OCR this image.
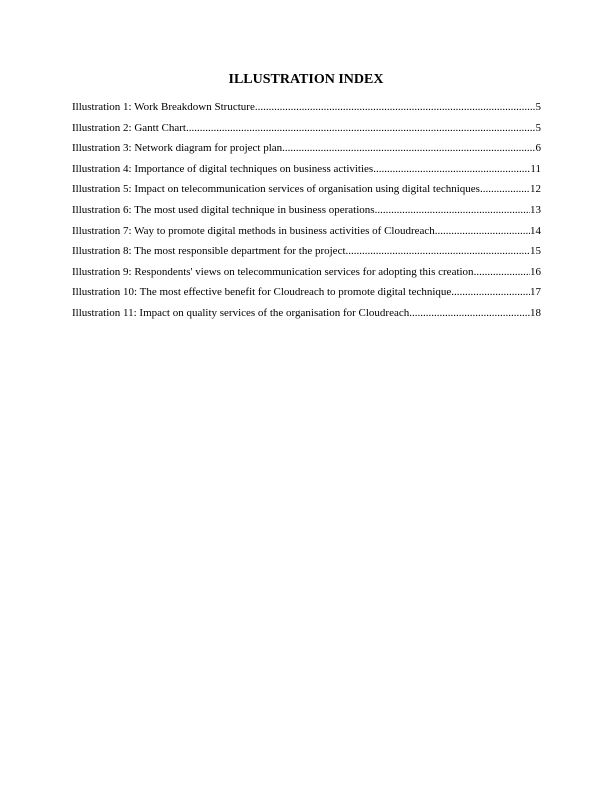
ILLUSTRATION INDEX
Illustration 1: Work Breakdown Structure .....	5
Illustration 2: Gantt Chart .....	5
Illustration 3: Network diagram for project plan .....	6
Illustration 4: Importance of digital techniques on business activities .....	11
Illustration 5: Impact on telecommunication services of organisation using digital techniques .....	12
Illustration 6: The most used digital technique in business operations .....	13
Illustration 7: Way to promote digital methods in business activities of Cloudreach .....	14
Illustration 8: The most responsible department for the project .....	15
Illustration 9: Respondents' views on telecommunication services for adopting this creation .....	16
Illustration 10: The most effective benefit for Cloudreach to promote digital technique .....	17
Illustration 11: Impact on quality services of the organisation for Cloudreach .....	18
